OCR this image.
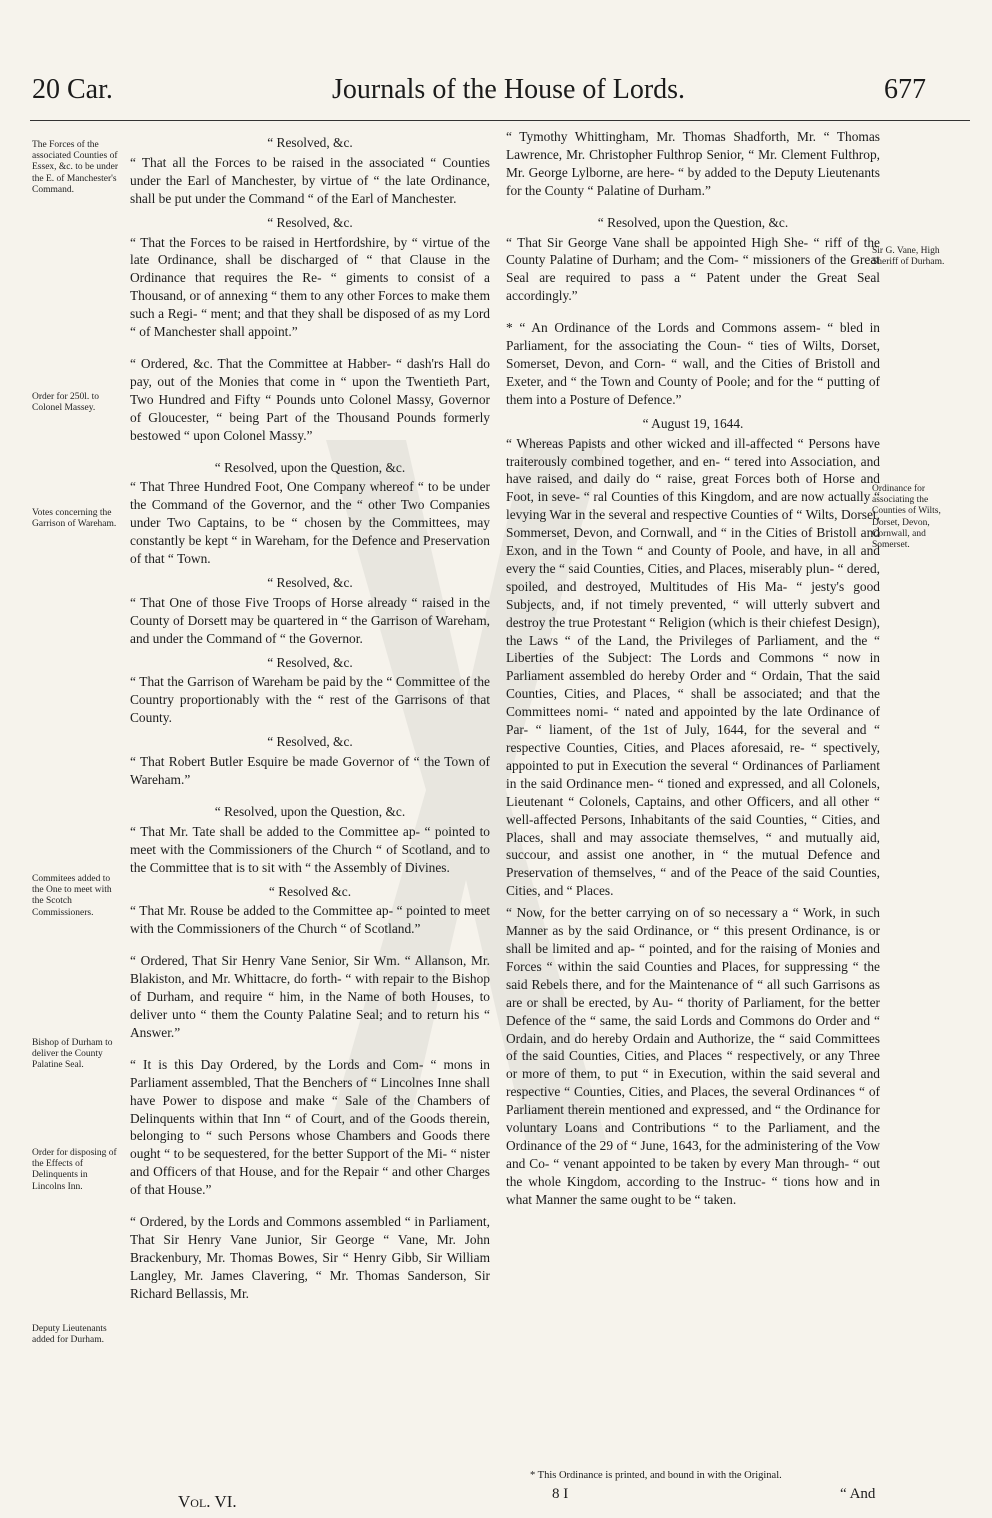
20 Car.	Journals of the House of Lords.	677
The Forces of the associated Counties of Essex, &c. to be under the E. of Manchester's Command.
Order for 250l. to Colonel Massey.
Votes concerning the Garrison of Wareham.
Commitees added to the One to meet with the Scotch Commissioners.
Bishop of Durham to deliver the County Palatine Seal.
Order for disposing of the Effects of Delinquents in Lincolns Inn.
Deputy Lieutenants added for Durham.
Sir G. Vane, High Sheriff of Durham.
Ordinance for associating the Counties of Wilts, Dorset, Devon, Cornwall, and Somerset.

“ Resolved, &c.

“ That all the Forces to be raised in the associated “ Counties under the Earl of Manchester, by virtue of “ the late Ordinance, shall be put under the Command “ of the Earl of Manchester.

“ Resolved, &c.

“ That the Forces to be raised in Hertfordshire, by “ virtue of the late Ordinance, shall be discharged of “ that Clause in the Ordinance that requires the Re- “ giments to consist of a Thousand, or of annexing “ them to any other Forces to make them such a Regi- “ ment; and that they shall be disposed of as my Lord “ of Manchester shall appoint.”

“ Ordered, &c. That the Committee at Habber- “ dash'rs Hall do pay, out of the Monies that come in “ upon the Twentieth Part, Two Hundred and Fifty “ Pounds unto Colonel Massy, Governor of Gloucester, “ being Part of the Thousand Pounds formerly bestowed “ upon Colonel Massy.”

“ Resolved, upon the Question, &c.

“ That Three Hundred Foot, One Company whereof “ to be under the Command of the Governor, and the “ other Two Companies under Two Captains, to be “ chosen by the Committees, may constantly be kept “ in Wareham, for the Defence and Preservation of that “ Town.

“ Resolved, &c.

“ That One of those Five Troops of Horse already “ raised in the County of Dorsett may be quartered in “ the Garrison of Wareham, and under the Command of “ the Governor.

“ Resolved, &c.

“ That the Garrison of Wareham be paid by the “ Committee of the Country proportionably with the “ rest of the Garrisons of that County.

“ Resolved, &c.

“ That Robert Butler Esquire be made Governor of “ the Town of Wareham.”

“ Resolved, upon the Question, &c.

“ That Mr. Tate shall be added to the Committee ap- “ pointed to meet with the Commissioners of the Church “ of Scotland, and to the Committee that is to sit with “ the Assembly of Divines.

“ Resolved &c.

“ That Mr. Rouse be added to the Committee ap- “ pointed to meet with the Commissioners of the Church “ of Scotland.”

“ Ordered, That Sir Henry Vane Senior, Sir Wm. “ Allanson, Mr. Blakiston, and Mr. Whittacre, do forth- “ with repair to the Bishop of Durham, and require “ him, in the Name of both Houses, to deliver unto “ them the County Palatine Seal; and to return his “ Answer.”

“ It is this Day Ordered, by the Lords and Com- “ mons in Parliament assembled, That the Benchers of “ Lincolnes Inne shall have Power to dispose and make “ Sale of the Chambers of Delinquents within that Inn “ of Court, and of the Goods therein, belonging to “ such Persons whose Chambers and Goods there ought “ to be sequestered, for the better Support of the Mi- “ nister and Officers of that House, and for the Repair “ and other Charges of that House.”

“ Ordered, by the Lords and Commons assembled “ in Parliament, That Sir Henry Vane Junior, Sir George “ Vane, Mr. John Brackenbury, Mr. Thomas Bowes, Sir “ Henry Gibb, Sir William Langley, Mr. James Clavering, “ Mr. Thomas Sanderson, Sir Richard Bellassis, Mr.

“ Tymothy Whittingham, Mr. Thomas Shadforth, Mr. “ Thomas Lawrence, Mr. Christopher Fulthrop Senior, “ Mr. Clement Fulthrop, Mr. George Lylborne, are here- “ by added to the Deputy Lieutenants for the County “ Palatine of Durham.”

“ Resolved, upon the Question, &c.

“ That Sir George Vane shall be appointed High She- “ riff of the County Palatine of Durham; and the Com- “ missioners of the Great Seal are required to pass a “ Patent under the Great Seal accordingly.”

* “ An Ordinance of the Lords and Commons assem- “ bled in Parliament, for the associating the Coun- “ ties of Wilts, Dorset, Somerset, Devon, and Corn- “ wall, and the Cities of Bristoll and Exeter, and “ the Town and County of Poole; and for the “ putting of them into a Posture of Defence.”

“ August 19, 1644.

“ Whereas Papists and other wicked and ill-affected “ Persons have traiterously combined together, and en- “ tered into Association, and have raised, and daily do “ raise, great Forces both of Horse and Foot, in seve- “ ral Counties of this Kingdom, and are now actually “ levying War in the several and respective Counties of “ Wilts, Dorset, Sommerset, Devon, and Cornwall, and “ in the Cities of Bristoll and Exon, and in the Town “ and County of Poole, and have, in all and every the “ said Counties, Cities, and Places, miserably plun- “ dered, spoiled, and destroyed, Multitudes of His Ma- “ jesty's good Subjects, and, if not timely prevented, “ will utterly subvert and destroy the true Protestant “ Religion (which is their chiefest Design), the Laws “ of the Land, the Privileges of Parliament, and the “ Liberties of the Subject: The Lords and Commons “ now in Parliament assembled do hereby Order and “ Ordain, That the said Counties, Cities, and Places, “ shall be associated; and that the Committees nomi- “ nated and appointed by the late Ordinance of Par- “ liament, of the 1st of July, 1644, for the several and “ respective Counties, Cities, and Places aforesaid, re- “ spectively, appointed to put in Execution the several “ Ordinances of Parliament in the said Ordinance men- “ tioned and expressed, and all Colonels, Lieutenant “ Colonels, Captains, and other Officers, and all other “ well-affected Persons, Inhabitants of the said Counties, “ Cities, and Places, shall and may associate themselves, “ and mutually aid, succour, and assist one another, in “ the mutual Defence and Preservation of themselves, “ and of the Peace of the said Counties, Cities, and “ Places.

“ Now, for the better carrying on of so necessary a “ Work, in such Manner as by the said Ordinance, or “ this present Ordinance, is or shall be limited and ap- “ pointed, and for the raising of Monies and Forces “ within the said Counties and Places, for suppressing “ the said Rebels there, and for the Maintenance of “ all such Garrisons as are or shall be erected, by Au- “ thority of Parliament, for the better Defence of the “ same, the said Lords and Commons do Order and “ Ordain, and do hereby Ordain and Authorize, the “ said Committees of the said Counties, Cities, and Places “ respectively, or any Three or more of them, to put “ in Execution, within the said several and respective “ Counties, Cities, and Places, the several Ordinances “ of Parliament therein mentioned and expressed, and “ the Ordinance for voluntary Loans and Contributions “ to the Parliament, and the Ordinance of the 29 of “ June, 1643, for the administering of the Vow and Co- “ venant appointed to be taken by every Man through- “ out the whole Kingdom, according to the Instruc- “ tions how and in what Manner the same ought to be “ taken.

* This Ordinance is printed, and bound in with the Original.
Vol. VI.	8 I	“ And
